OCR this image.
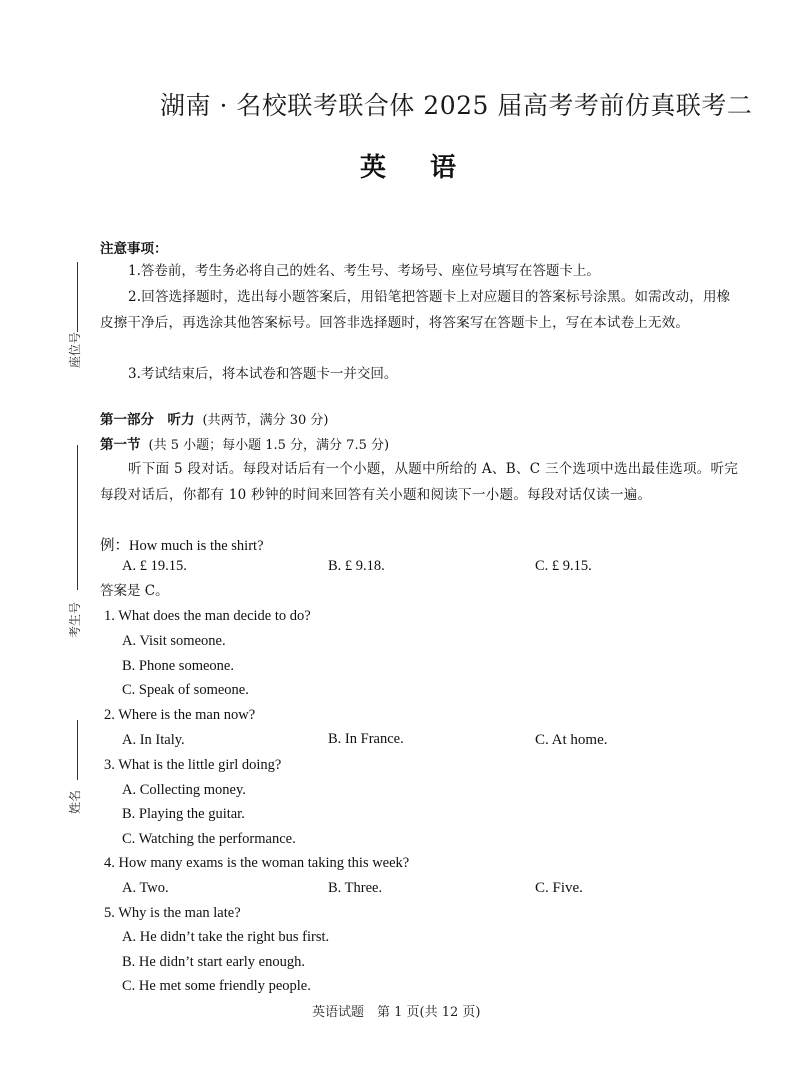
湖南 · 名校联考联合体 2025 届高考考前仿真联考二
英语
座位号
考生号
姓名
注意事项：
1.答卷前，考生务必将自己的姓名、考生号、考场号、座位号填写在答题卡上。
2.回答选择题时，选出每小题答案后，用铅笔把答题卡上对应题目的答案标号涂黑。如需改动，用橡皮擦干净后，再选涂其他答案标号。回答非选择题时，将答案写在答题卡上，写在本试卷上无效。
3.考试结束后，将本试卷和答题卡一并交回。
第一部分　听力 (共两节，满分 30 分)
第一节 (共 5 小题；每小题 1.5 分，满分 7.5 分)
听下面 5 段对话。每段对话后有一个小题，从题中所给的 A、B、C 三个选项中选出最佳选项。听完每段对话后，你都有 10 秒钟的时间来回答有关小题和阅读下一小题。每段对话仅读一遍。
例：How much is the shirt?
A. £ 19.15.	B. £ 9.18.	C. £ 9.15.
答案是 C。
1. What does the man decide to do?
A. Visit someone.
B. Phone someone.
C. Speak of someone.
2. Where is the man now?
A. In Italy.	B. In France.	C. At home.
3. What is the little girl doing?
A. Collecting money.
B. Playing the guitar.
C. Watching the performance.
4. How many exams is the woman taking this week?
A. Two.	B. Three.	C. Five.
5. Why is the man late?
A. He didn’t take the right bus first.
B. He didn’t start early enough.
C. He met some friendly people.
英语试题　第 1 页(共 12 页)
